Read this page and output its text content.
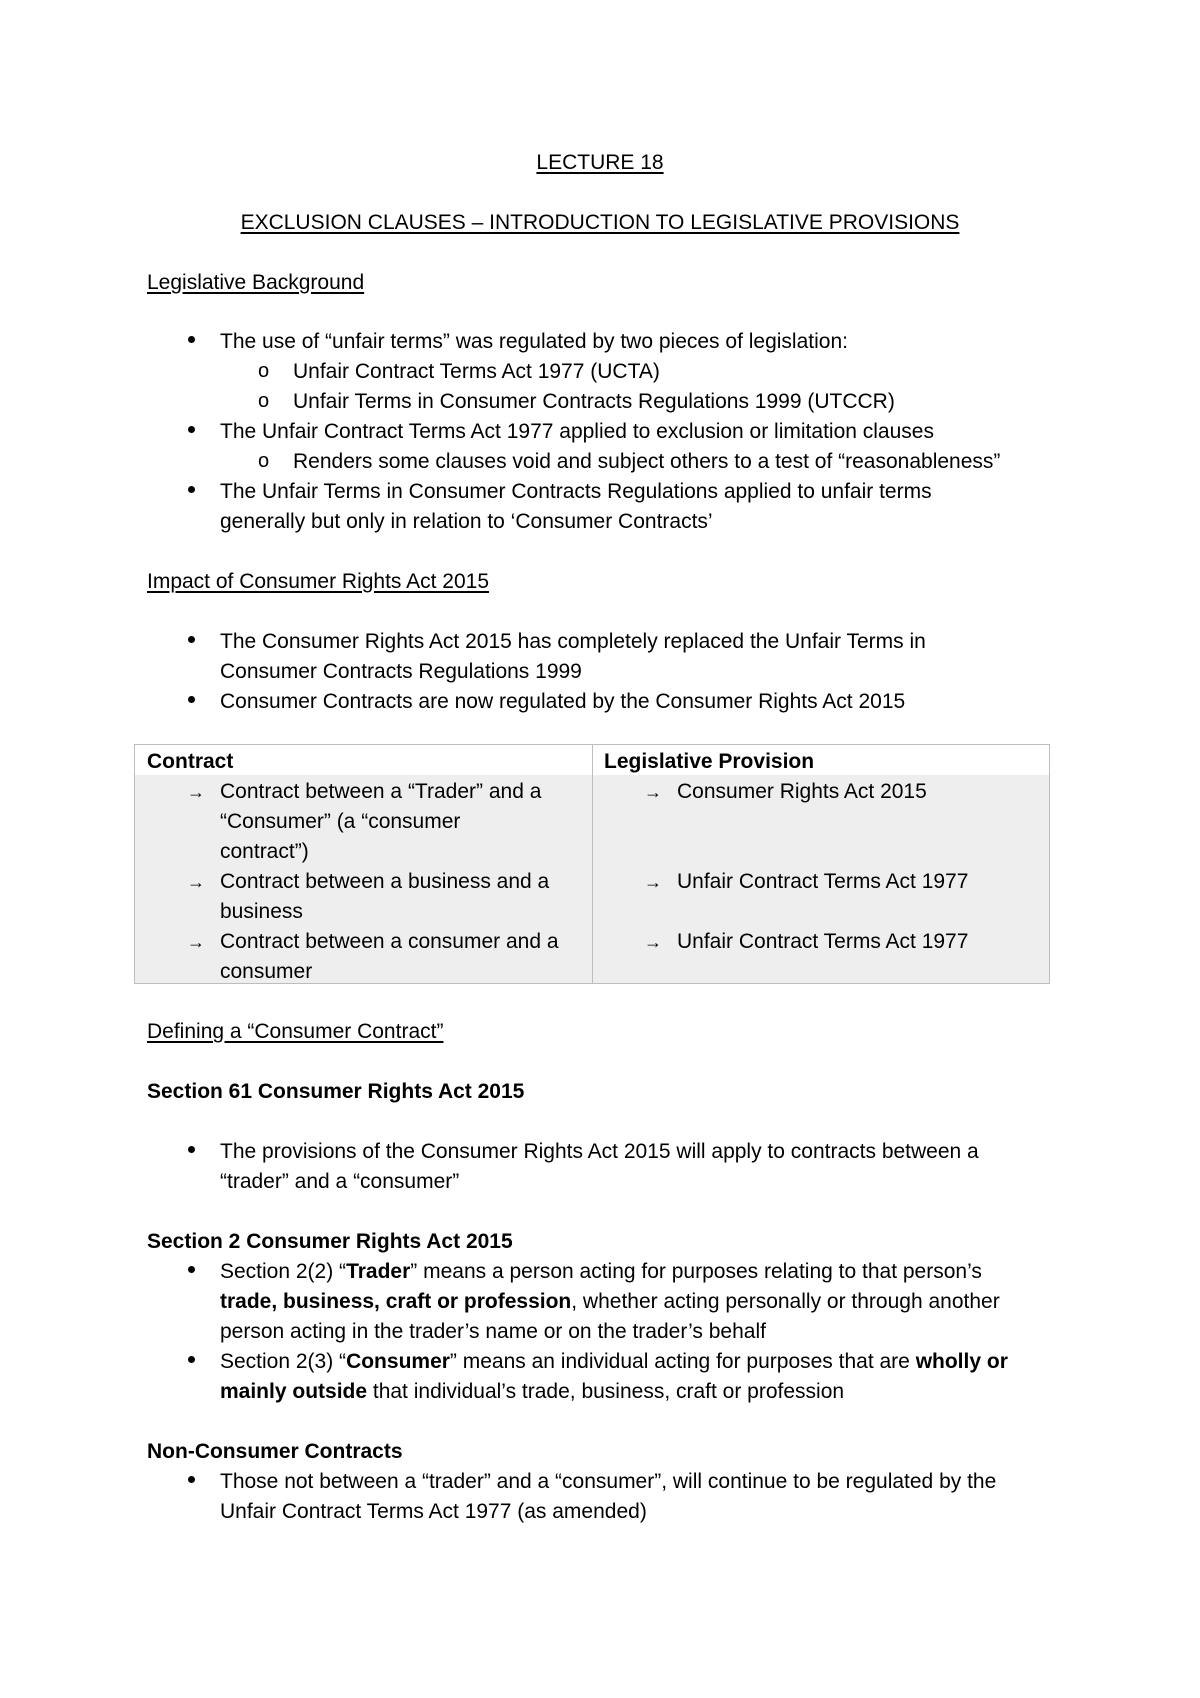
LECTURE 18
EXCLUSION CLAUSES – INTRODUCTION TO LEGISLATIVE PROVISIONS
Legislative Background
The use of “unfair terms” was regulated by two pieces of legislation:
o Unfair Contract Terms Act 1977 (UCTA)
o Unfair Terms in Consumer Contracts Regulations 1999 (UTCCR)
The Unfair Contract Terms Act 1977 applied to exclusion or limitation clauses
o Renders some clauses void and subject others to a test of “reasonableness”
The Unfair Terms in Consumer Contracts Regulations applied to unfair terms
generally but only in relation to ‘Consumer Contracts’
Impact of Consumer Rights Act 2015
The Consumer Rights Act 2015 has completely replaced the Unfair Terms in
Consumer Contracts Regulations 1999
Consumer Contracts are now regulated by the Consumer Rights Act 2015
Contract	Legislative Provision
→ Contract between a “Trader” and a
“Consumer” (a “consumer
contract”)
→ Consumer Rights Act 2015
→ Contract between a business and a
business
→ Unfair Contract Terms Act 1977
→ Contract between a consumer and a
consumer
→ Unfair Contract Terms Act 1977
Defining a “Consumer Contract”
Section 61 Consumer Rights Act 2015
The provisions of the Consumer Rights Act 2015 will apply to contracts between a
“trader” and a “consumer”
Section 2 Consumer Rights Act 2015
Section 2(2) “Trader” means a person acting for purposes relating to that person’s
trade, business, craft or profession, whether acting personally or through another
person acting in the trader’s name or on the trader’s behalf
Section 2(3) “Consumer” means an individual acting for purposes that are wholly or
mainly outside that individual’s trade, business, craft or profession
Non-Consumer Contracts
Those not between a “trader” and a “consumer”, will continue to be regulated by the
Unfair Contract Terms Act 1977 (as amended)
